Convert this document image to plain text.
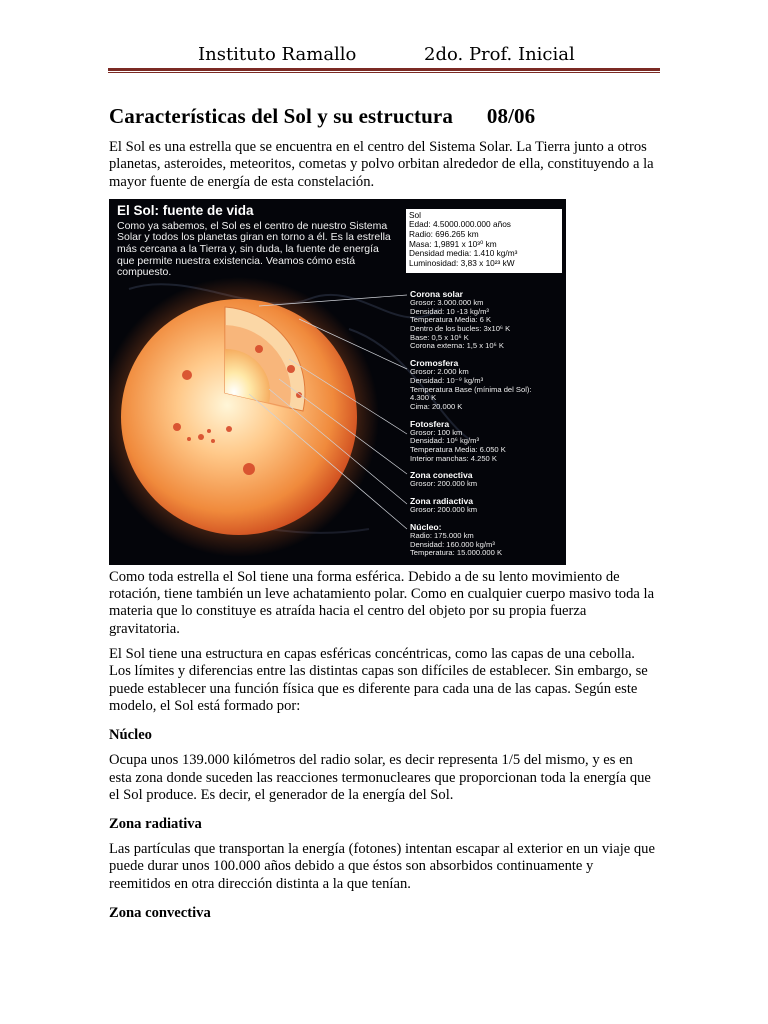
Instituto Ramallo	2do. Prof. Inicial
Características del Sol y su estructura 08/06

El Sol es una estrella que se encuentra en el centro del Sistema Solar. La Tierra junto a otros planetas, asteroides, meteoritos, cometas y polvo orbitan alrededor de ella, constituyendo a la mayor fuente de energía de esta constelación.

El Sol: fuente de vida
Como ya sabemos, el Sol es el centro de nuestro Sistema Solar y todos los planetas giran en torno a él. Es la estrella más cercana a la Tierra y, sin duda, la fuente de energía que permite nuestra existencia. Veamos cómo está compuesto.
Sol
Edad: 4.5000.000.000 años
Radio: 696.265 km
Masa: 1,9891 x 10³⁰ km
Densidad media: 1.410 kg/m³
Luminosidad: 3,83 x 10²³ kW
Corona solar
Grosor: 3.000.000 km
Densidad: 10 -13 kg/m³
Temperatura Media: 6 K
Dentro de los bucles: 3x10⁶ K
Base: 0,5 x 10⁶ K
Corona externa: 1,5 x 10⁶ K
Cromosfera
Grosor: 2.000 km
Densidad: 10⁻⁹ kg/m³
Temperatura Base (mínima del Sol):
4.300 K
Cima: 20.000 K
Fotosfera
Grosor: 100 km
Densidad: 10⁶ kg/m³
Temperatura Media: 6.050 K
Interior manchas: 4.250 K
Zona conectiva
Grosor: 200.000 km
Zona radiactiva
Grosor: 200.000 km
Núcleo:
Radio: 175.000 km
Densidad: 160.000 kg/m³
Temperatura: 15.000.000 K

Como toda estrella el Sol tiene una forma esférica. Debido a de su lento movimiento de rotación, tiene también un leve achatamiento polar. Como en cualquier cuerpo masivo toda la materia que lo constituye es atraída hacia el centro del objeto por su propia fuerza gravitatoria.

El Sol tiene una estructura en capas esféricas concéntricas, como las capas de una cebolla. Los límites y diferencias entre las distintas capas son difíciles de establecer. Sin embargo, se puede establecer una función física que es diferente para cada una de las capas. Según este modelo, el Sol está formado por:

Núcleo

Ocupa unos 139.000 kilómetros del radio solar, es decir representa 1/5 del mismo, y es en esta zona donde suceden las reacciones termonucleares que proporcionan toda la energía que el Sol produce. Es decir, el generador de la energía del Sol.

Zona radiativa

Las partículas que transportan la energía (fotones) intentan escapar al exterior en un viaje que puede durar unos 100.000 años debido a que éstos son absorbidos continuamente y reemitidos en otra dirección distinta a la que tenían.

Zona convectiva
